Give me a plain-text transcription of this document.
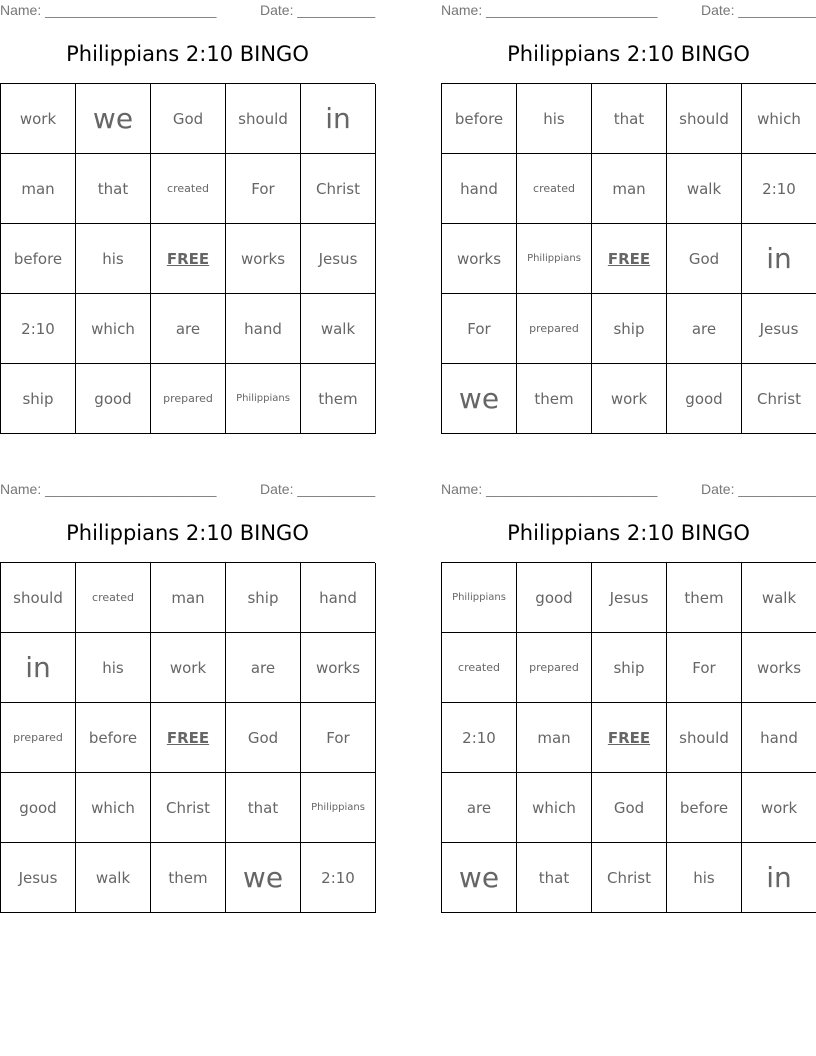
Name: ______________________	Date: __________
Philippians 2:10 BINGO
work	we	God	should	in
man	that	created	For	Christ
before	his	FREE	works	Jesus
2:10	which	are	hand	walk
ship	good	prepared	Philippians	them
Name: ______________________	Date: __________
Philippians 2:10 BINGO
before	his	that	should	which
hand	created	man	walk	2:10
works	Philippians	FREE	God	in
For	prepared	ship	are	Jesus
we	them	work	good	Christ
Name: ______________________	Date: __________
Philippians 2:10 BINGO
should	created	man	ship	hand
in	his	work	are	works
prepared	before	FREE	God	For
good	which	Christ	that	Philippians
Jesus	walk	them	we	2:10
Name: ______________________	Date: __________
Philippians 2:10 BINGO
Philippians	good	Jesus	them	walk
created	prepared	ship	For	works
2:10	man	FREE	should	hand
are	which	God	before	work
we	that	Christ	his	in
